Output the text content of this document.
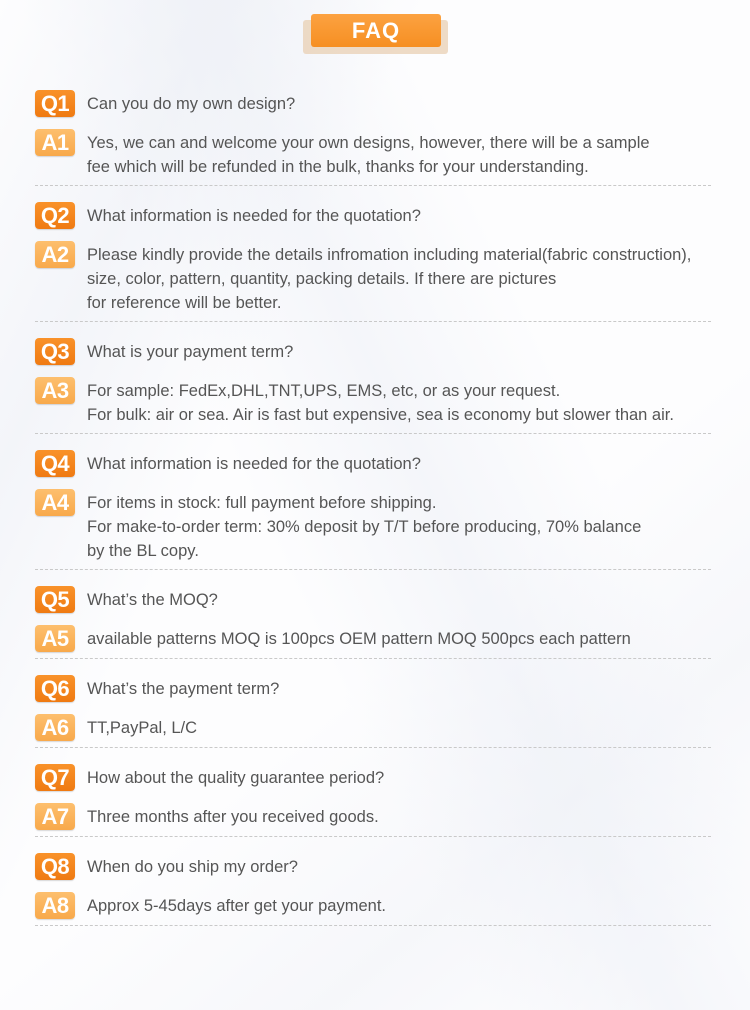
FAQ
Q1	Can you do my own design?
A1	Yes, we can and welcome your own designs, however, there will be a sample
fee which will be refunded in the bulk, thanks for your understanding.
Q2	What information is needed for the quotation?
A2	Please kindly provide the details infromation including material(fabric construction),
size, color, pattern, quantity, packing details. If there are pictures
for reference will be better.
Q3	What is your payment term?
A3	For sample: FedEx,DHL,TNT,UPS, EMS, etc, or as your request.
For bulk: air or sea. Air is fast but expensive, sea is economy but slower than air.
Q4	What information is needed for the quotation?
A4	For items in stock: full payment before shipping.
For make-to-order term: 30% deposit by T/T before producing, 70% balance
by the BL copy.
Q5	What’s the MOQ?
A5	available patterns MOQ is 100pcs OEM pattern MOQ 500pcs each pattern
Q6	What’s the payment term?
A6	TT,PayPal, L/C
Q7	How about the quality guarantee period?
A7	Three months after you received goods.
Q8	When do you ship my order?
A8	Approx 5-45days after get your payment.
